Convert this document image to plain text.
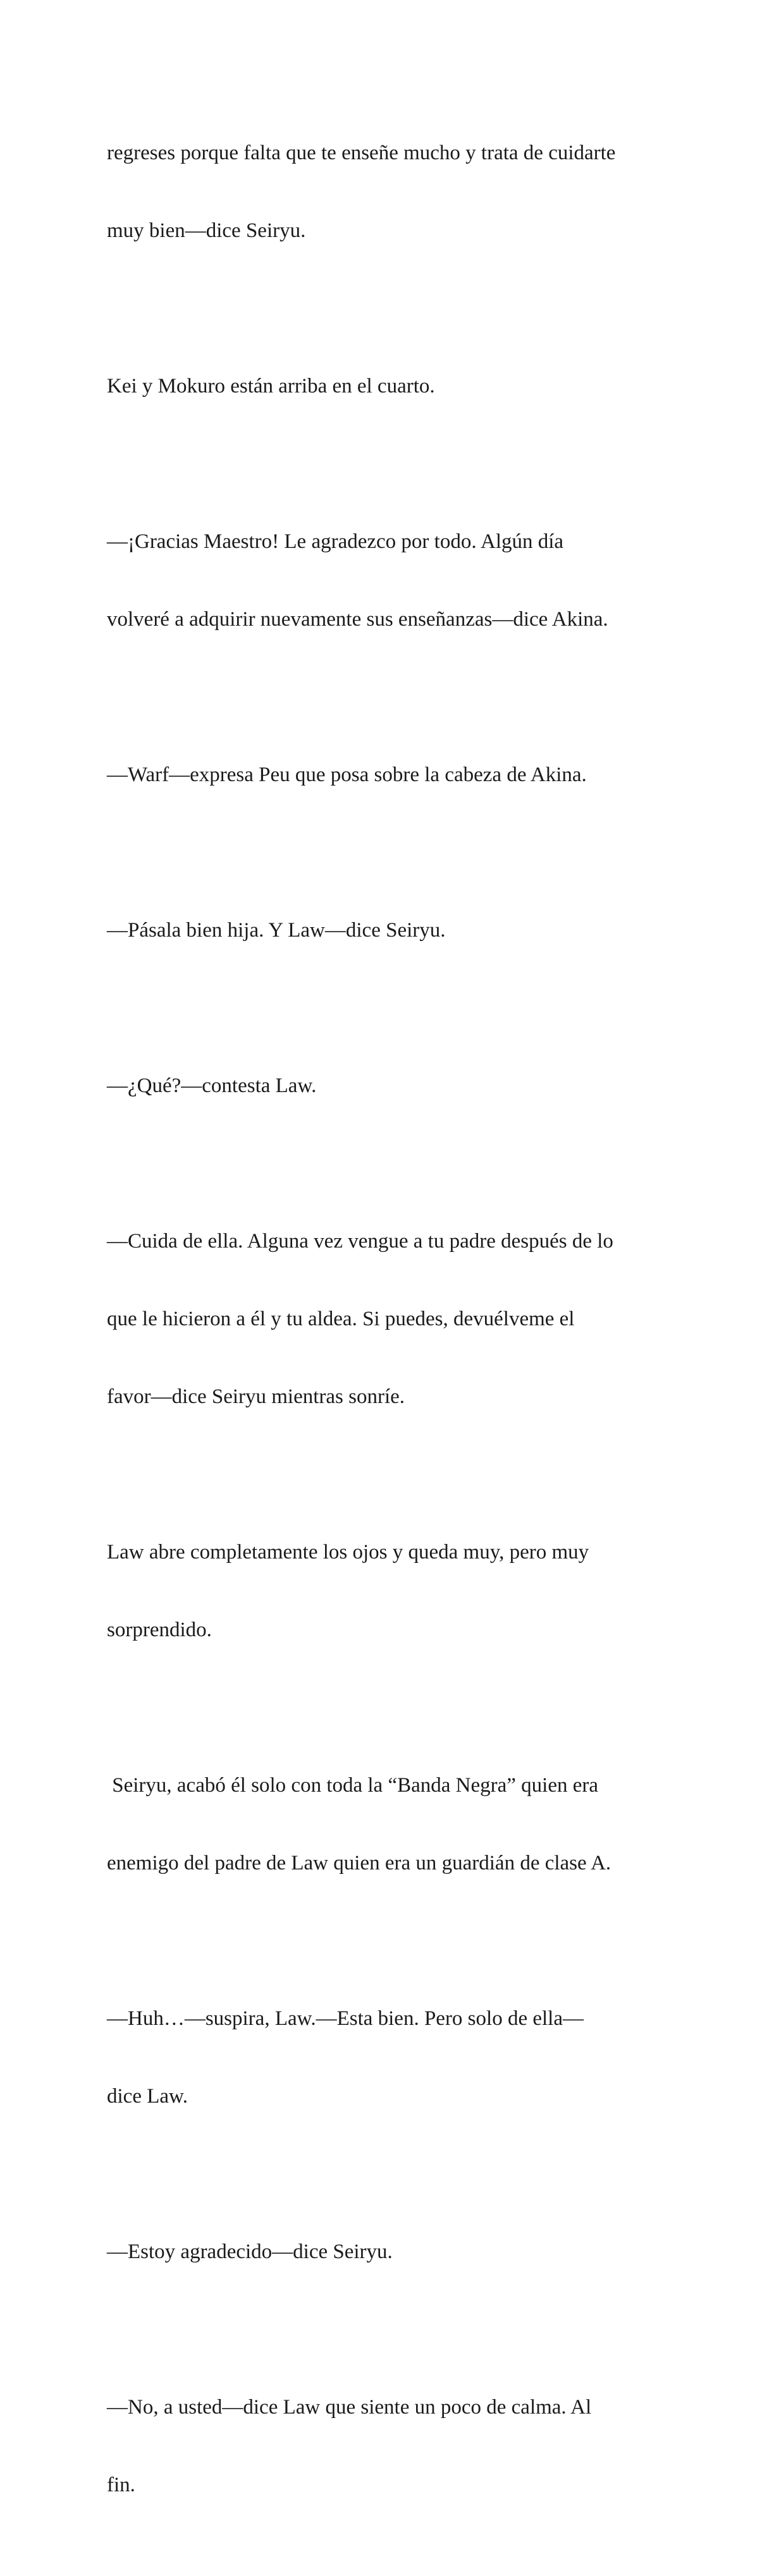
regreses porque falta que te enseñe mucho y trata de cuidarte

muy bien—dice Seiryu.

Kei y Mokuro están arriba en el cuarto.

—¡Gracias Maestro! Le agradezco por todo. Algún día

volveré a adquirir nuevamente sus enseñanzas—dice Akina.

—Warf—expresa Peu que posa sobre la cabeza de Akina.

—Pásala bien hija. Y Law—dice Seiryu.

—¿Qué?—contesta Law.

—Cuida de ella. Alguna vez vengue a tu padre después de lo

que le hicieron a él y tu aldea. Si puedes, devuélveme el

favor—dice Seiryu mientras sonríe.

Law abre completamente los ojos y queda muy, pero muy

sorprendido.

Seiryu, acabó él solo con toda la “Banda Negra” quien era

enemigo del padre de Law quien era un guardián de clase A.

—Huh…—suspira, Law.—Esta bien. Pero solo de ella—

dice Law.

—Estoy agradecido—dice Seiryu.

—No, a usted—dice Law que siente un poco de calma. Al

fin.
